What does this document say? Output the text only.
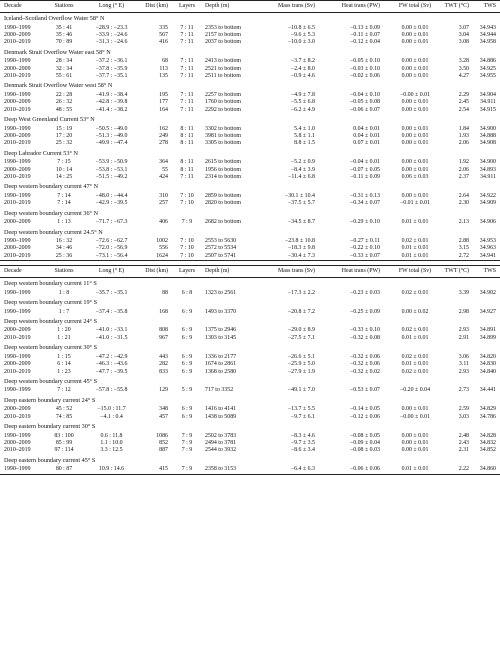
Decade	Stations	Long (° E)	Dist (km)	Layers	Depth (m)	Mass trans (Sv)	Heat trans (PW)	FW total (Sv)	TWT (°C)	TWS
Iceland–Scotland Overflow Water 58° N
1990–1999	35 : 41	−28.9 : −23.3	335	7 : 11	2353 to bottom	−10.8 ± 6.5	−0.13 ± 0.09	0.00 ± 0.01	3.07	34.943
2000–2009	35 : 46	−33.9 : −24.6	567	7 : 11	2157 to bottom	−9.6 ± 5.3	−0.11 ± 0.07	0.00 ± 0.01	3.04	34.944
2010–2019	70 : 89	−31.3 : −24.6	416	7 : 11	2037 to bottom	−10.0 ± 3.0	−0.12 ± 0.04	0.00 ± 0.01	3.08	34.958
Denmark Strait Overflow Water east 58° N
1990–1999	28 : 34	−37.2 : −36.1	68	7 : 11	2413 to bottom	−3.7 ± 8.2	−0.05 ± 0.10	0.00 ± 0.01	3.28	34.886
2000–2009	32 : 34	−37.8 : −35.9	113	7 : 11	2521 to bottom	−2.4 ± 8.0	−0.03 ± 0.10	0.00 ± 0.01	3.50	34.925
2010–2019	55 : 61	−37.7 : −35.1	135	7 : 11	2511 to bottom	−0.9 ± 4.6	−0.02 ± 0.06	0.00 ± 0.01	4.27	34.955
Denmark Strait Overflow Water west 58° N
1990–1999	22 : 28	−41.9 : −38.4	195	7 : 11	2257 to bottom	−4.9 ± 7.8	−0.04 ± 0.10	−0.00 ± 0.01	2.29	34.904
2000–2009	26 : 32	−42.8 : −39.8	177	7 : 11	1760 to bottom	−5.5 ± 6.8	−0.05 ± 0.08	0.00 ± 0.01	2.45	34.911
2010–2019	48 : 55	−41.4 : −38.2	164	7 : 11	2292 to bottom	−6.2 ± 4.9	−0.06 ± 0.07	0.00 ± 0.01	2.54	34.915
Deep West Greenland Current 53° N
1990–1999	15 : 19	−50.5 : −49.0	162	8 : 11	3302 to bottom	5.4 ± 1.0	0.04 ± 0.01	0.00 ± 0.01	1.84	34.900
2000–2009	17 : 20	−51.3 : −49.0	249	8 : 11	3981 to bottom	5.8 ± 1.1	0.04 ± 0.01	0.00 ± 0.01	1.93	34.888
2010–2019	25 : 32	−49.9 : −47.4	278	8 : 11	3305 to bottom	8.8 ± 1.5	0.07 ± 0.01	0.00 ± 0.01	2.06	34.908
Deep Labrador Current 53° N
1990–1999	7 : 15	−53.9 : −50.9	364	8 : 11	2615 to bottom	−5.2 ± 0.9	−0.04 ± 0.01	0.00 ± 0.01	1.92	34.900
2000–2009	10 : 14	−53.8 : −53.1	55	8 : 11	1956 to bottom	−8.4 ± 3.9	−0.07 ± 0.05	0.00 ± 0.01	2.06	34.893
2010–2019	14 : 25	−51.5 : −49.2	424	7 : 11	2314 to bottom	−11.4 ± 6.8	−0.11 ± 0.09	0.06 ± 0.03	2.37	34.911
Deep western boundary current 47° N
1990–1999	7 : 14	−48.0 : −44.4	310	7 : 10	2859 to bottom	−30.1 ± 10.4	−0.31 ± 0.13	0.00 ± 0.01	2.64	34.922
2010–2019	7 : 14	−42.9 : −39.5	257	7 : 10	2820 to bottom	−37.5 ± 5.7	−0.34 ± 0.07	−0.01 ± 0.01	2.30	34.909
Deep western boundary current 36° N
2000–2009	1 : 13	−71.7 : −67.3	406	7 : 9	2682 to bottom	−34.5 ± 8.7	−0.29 ± 0.10	0.01 ± 0.01	2.13	34.906
Deep western boundary current 24.5° N
1990–1999	16 : 32	−72.6 : −62.7	1002	7 : 10	2553 to 5630	−23.8 ± 10.8	−0.27 ± 0.11	0.02 ± 0.01	2.88	34.953
2000–2009	34 : 46	−72.0 : −56.9	556	7 : 10	2572 to 5534	−18.3 ± 9.8	−0.22 ± 0.10	0.01 ± 0.01	3.15	34.963
2010–2019	25 : 36	−73.1 : −56.4	1624	7 : 10	2507 to 5741	−30.4 ± 7.3	−0.33 ± 0.07	0.01 ± 0.01	2.72	34.941
Decade	Stations	Long (° E)	Dist (km)	Layers	Depth (m)	Mass trans (Sv)	Heat trans (PW)	FW total (Sv)	TWT (°C)	TWS
Deep western boundary current 11° S
1990–1999	1 : 8	−35.7 : −35.1	88	6 : 8	1323 to 2561	−17.3 ± 2.2	−0.23 ± 0.03	0.02 ± 0.01	3.39	34.902
Deep western boundary current 19° S
1990–1999	1 : 7	−37.4 : −35.8	168	6 : 9	1493 to 3370	−20.8 ± 7.2	−0.25 ± 0.09	0.00 ± 0.02	2.98	34.927
Deep western boundary current 24° S
2000–2009	1 : 20	−41.0 : −33.1	808	6 : 9	1375 to 2946	−29.0 ± 8.9	−0.33 ± 0.10	0.02 ± 0.01	2.93	34.891
2010–2019	1 : 21	−41.0 : −31.5	967	6 : 9	1303 to 3145	−27.5 ± 7.1	−0.32 ± 0.08	0.01 ± 0.01	2.91	34.899
Deep western boundary current 30° S
1990–1999	1 : 15	−47.2 : −42.9	443	6 : 9	1336 to 2177	−26.6 ± 5.1	−0.32 ± 0.06	0.02 ± 0.01	3.06	34.820
2000–2009	6 : 14	−46.3 : −43.6	282	6 : 9	1674 to 2861	−25.9 ± 5.0	−0.32 ± 0.06	0.01 ± 0.01	3.11	34.830
2010–2019	1 : 23	−47.7 : −39.5	833	6 : 9	1368 to 2580	−27.9 ± 1.9	−0.32 ± 0.02	0.02 ± 0.01	2.93	34.840
Deep western boundary current 45° S
1990–1999	7 : 12	−57.8 : −55.8	129	5 : 9	717 to 3352	−49.1 ± 7.0	−0.53 ± 0.07	−0.20 ± 0.04	2.73	34.441
Deep eastern boundary current 24° S
2000–2009	45 : 52	−15.0 : 11.7	348	6 : 9	1416 to 4141	−13.7 ± 5.5	−0.14 ± 0.05	0.00 ± 0.01	2.59	34.829
2010–2019	74 : 85	−4.1 : 0.4	457	6 : 9	1438 to 5089	−9.7 ± 6.1	−0.12 ± 0.06	−0.00 ± 0.01	3.03	34.786
Deep eastern boundary current 30° S
1990–1999	83 : 100	0.6 : 11.8	1086	7 : 9	2502 to 3783	−8.3 ± 4.6	−0.08 ± 0.05	0.00 ± 0.01	2.48	34.828
2000–2009	85 : 99	1.1 : 10.0	852	7 : 9	2494 to 3781	−9.7 ± 3.5	−0.09 ± 0.04	0.00 ± 0.01	2.43	34.832
2010–2019	97 : 114	3.3 : 12.5	887	7 : 9	2544 to 3932	−8.6 ± 3.4	−0.08 ± 0.03	0.00 ± 0.01	2.31	34.852
Deep eastern boundary current 45° S
1990–1999	80 : 87	10.9 : 14.6	415	7 : 9	2358 to 3153	−6.4 ± 6.3	−0.06 ± 0.06	0.01 ± 0.01	2.22	34.860
